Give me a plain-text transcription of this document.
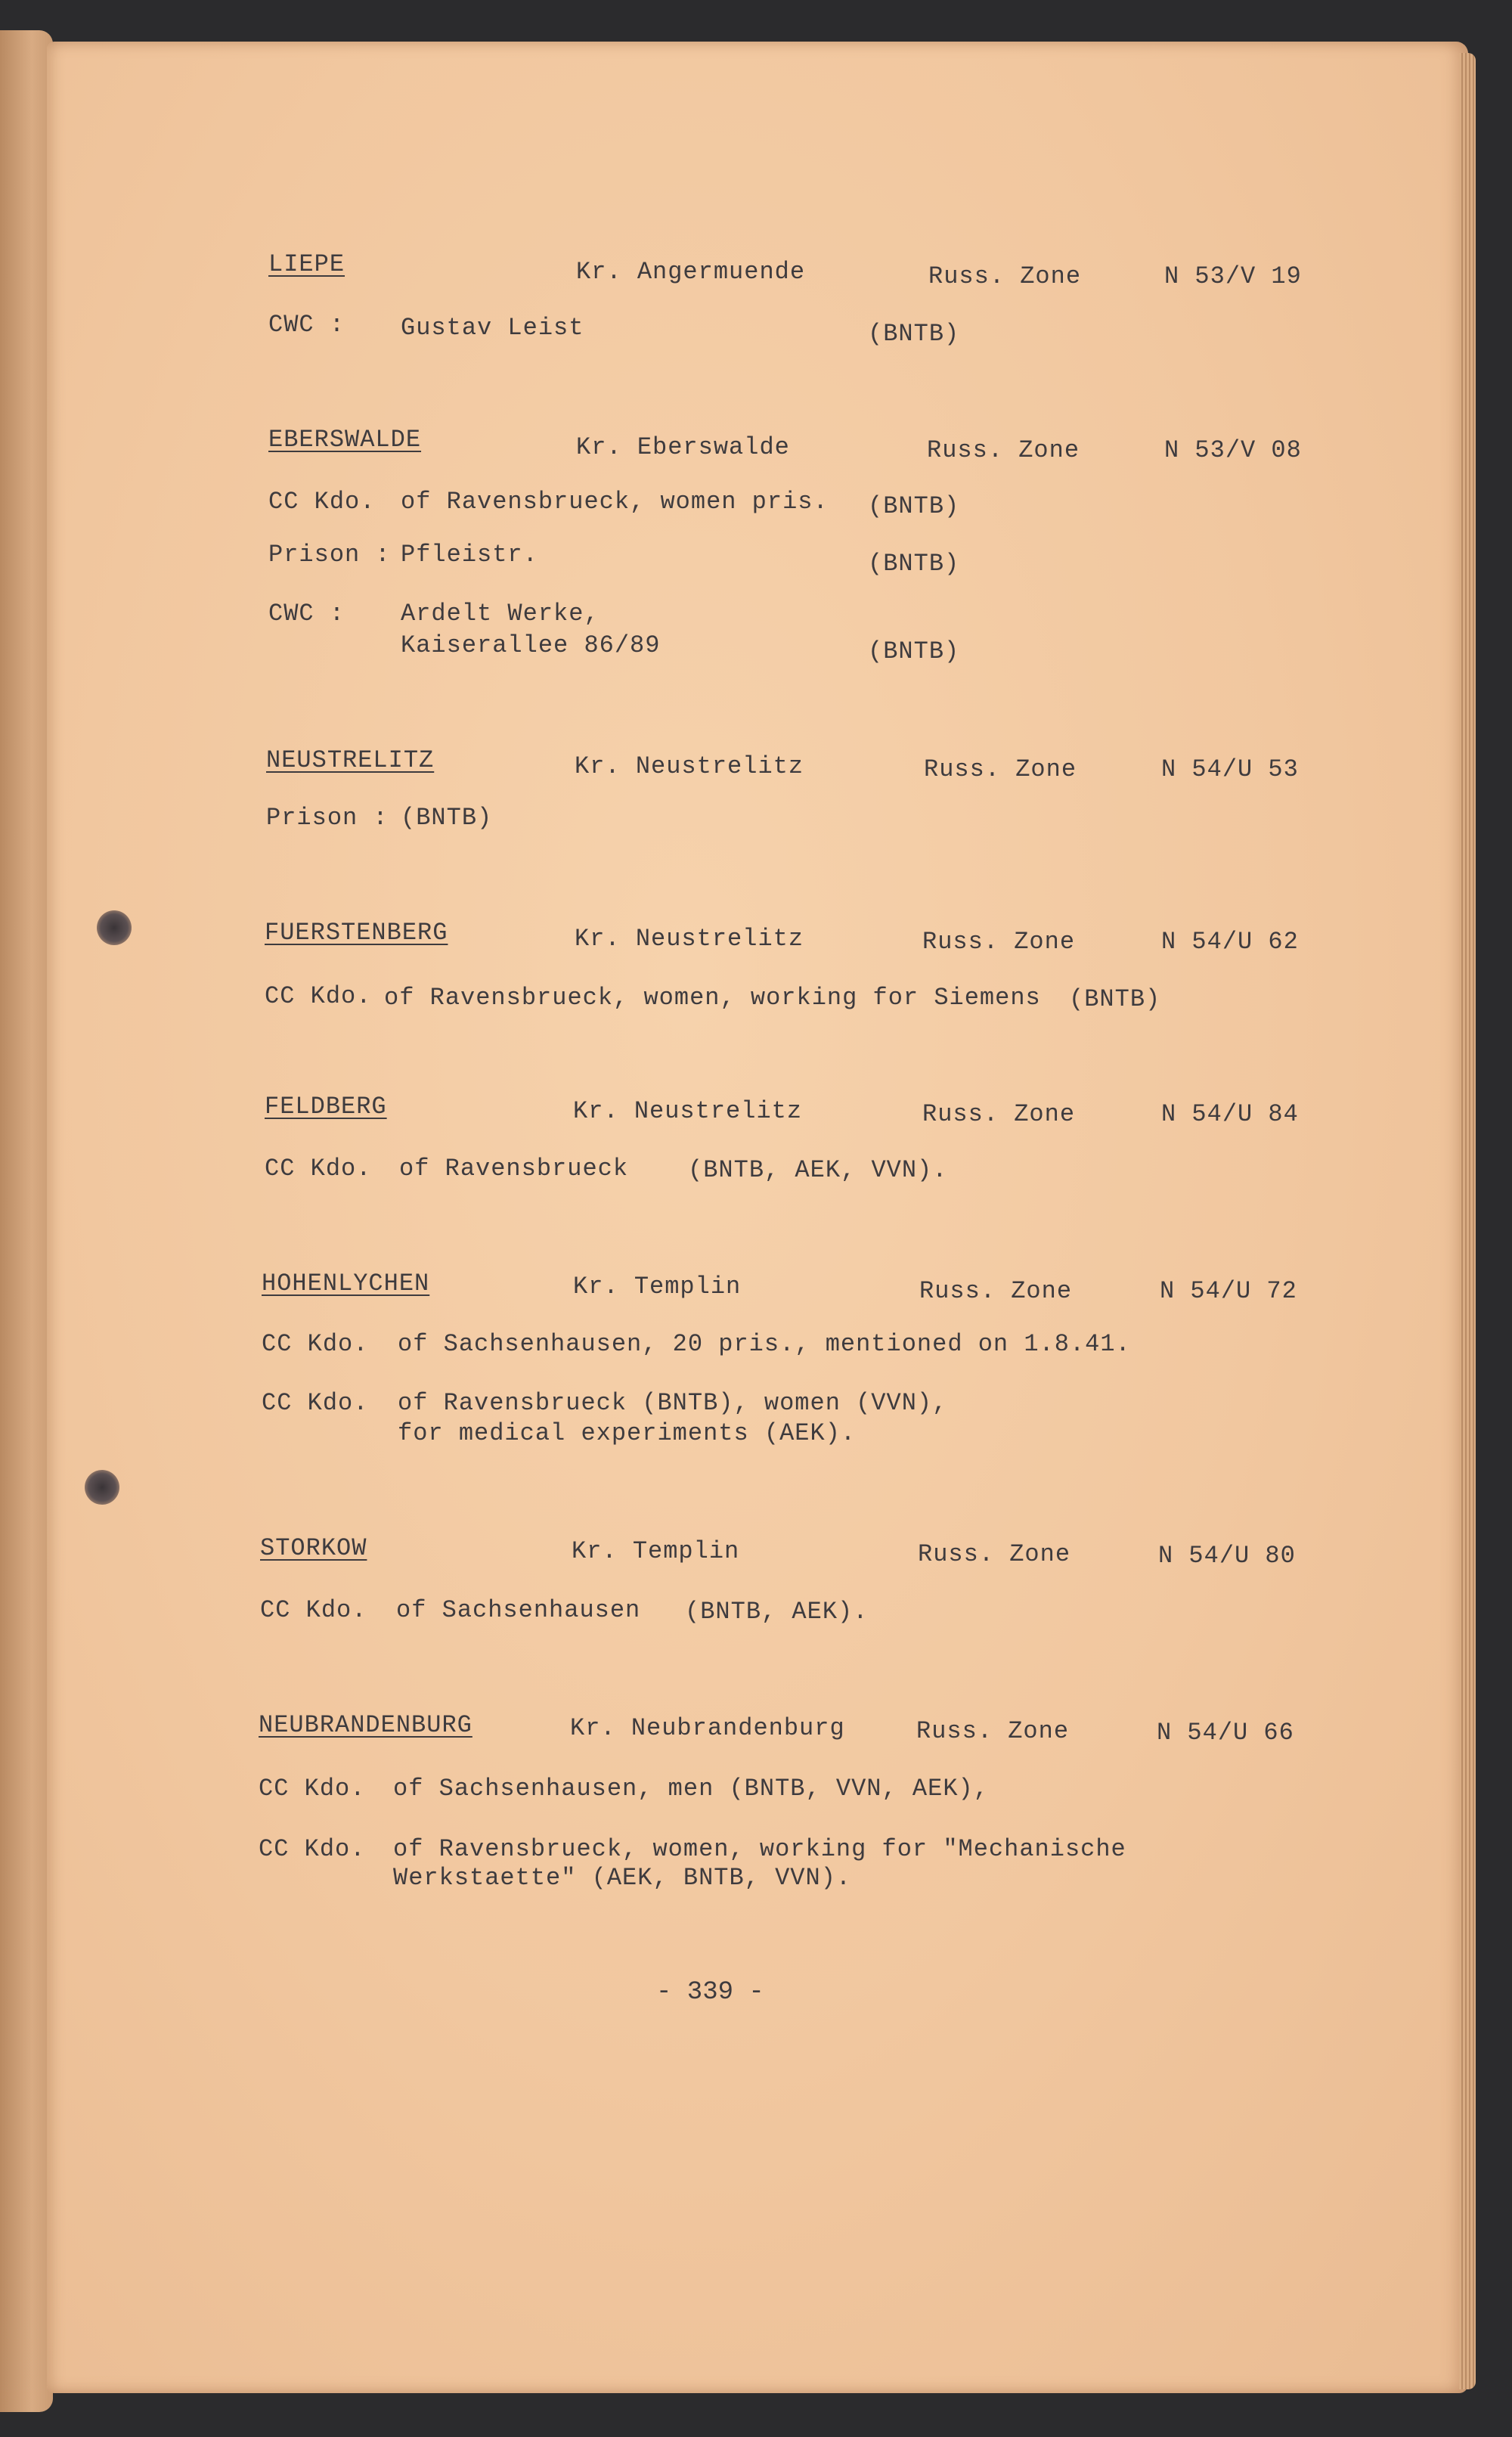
LIEPE	Kr. Angermuende	Russ. Zone	N 53/V 19
CWC : Gustav Leist	(BNTB)
EBERSWALDE	Kr. Eberswalde	Russ. Zone	N 53/V 08
CC Kdo. of Ravensbrueck, women pris. (BNTB)
Prison : Pfleistr.	(BNTB)
CWC : Ardelt Werke,
Kaiserallee 86/89	(BNTB)
NEUSTRELITZ	Kr. Neustrelitz	Russ. Zone	N 54/U 53
Prison : (BNTB)
FUERSTENBERG	Kr. Neustrelitz	Russ. Zone	N 54/U 62
CC Kdo. of Ravensbrueck, women, working for Siemens (BNTB)
FELDBERG	Kr. Neustrelitz	Russ. Zone	N 54/U 84
CC Kdo. of Ravensbrueck (BNTB, AEK, VVN).
HOHENLYCHEN	Kr. Templin	Russ. Zone	N 54/U 72
CC Kdo. of Sachsenhausen, 20 pris., mentioned on 1.8.41.
CC Kdo. of Ravensbrueck (BNTB), women (VVN),
for medical experiments (AEK).
STORKOW	Kr. Templin	Russ. Zone	N 54/U 80
CC Kdo. of Sachsenhausen (BNTB, AEK).
NEUBRANDENBURG	Kr. Neubrandenburg	Russ. Zone	N 54/U 66
CC Kdo. of Sachsenhausen, men (BNTB, VVN, AEK),
CC Kdo. of Ravensbrueck, women, working for "Mechanische
Werkstaette" (AEK, BNTB, VVN).
- 339 -
